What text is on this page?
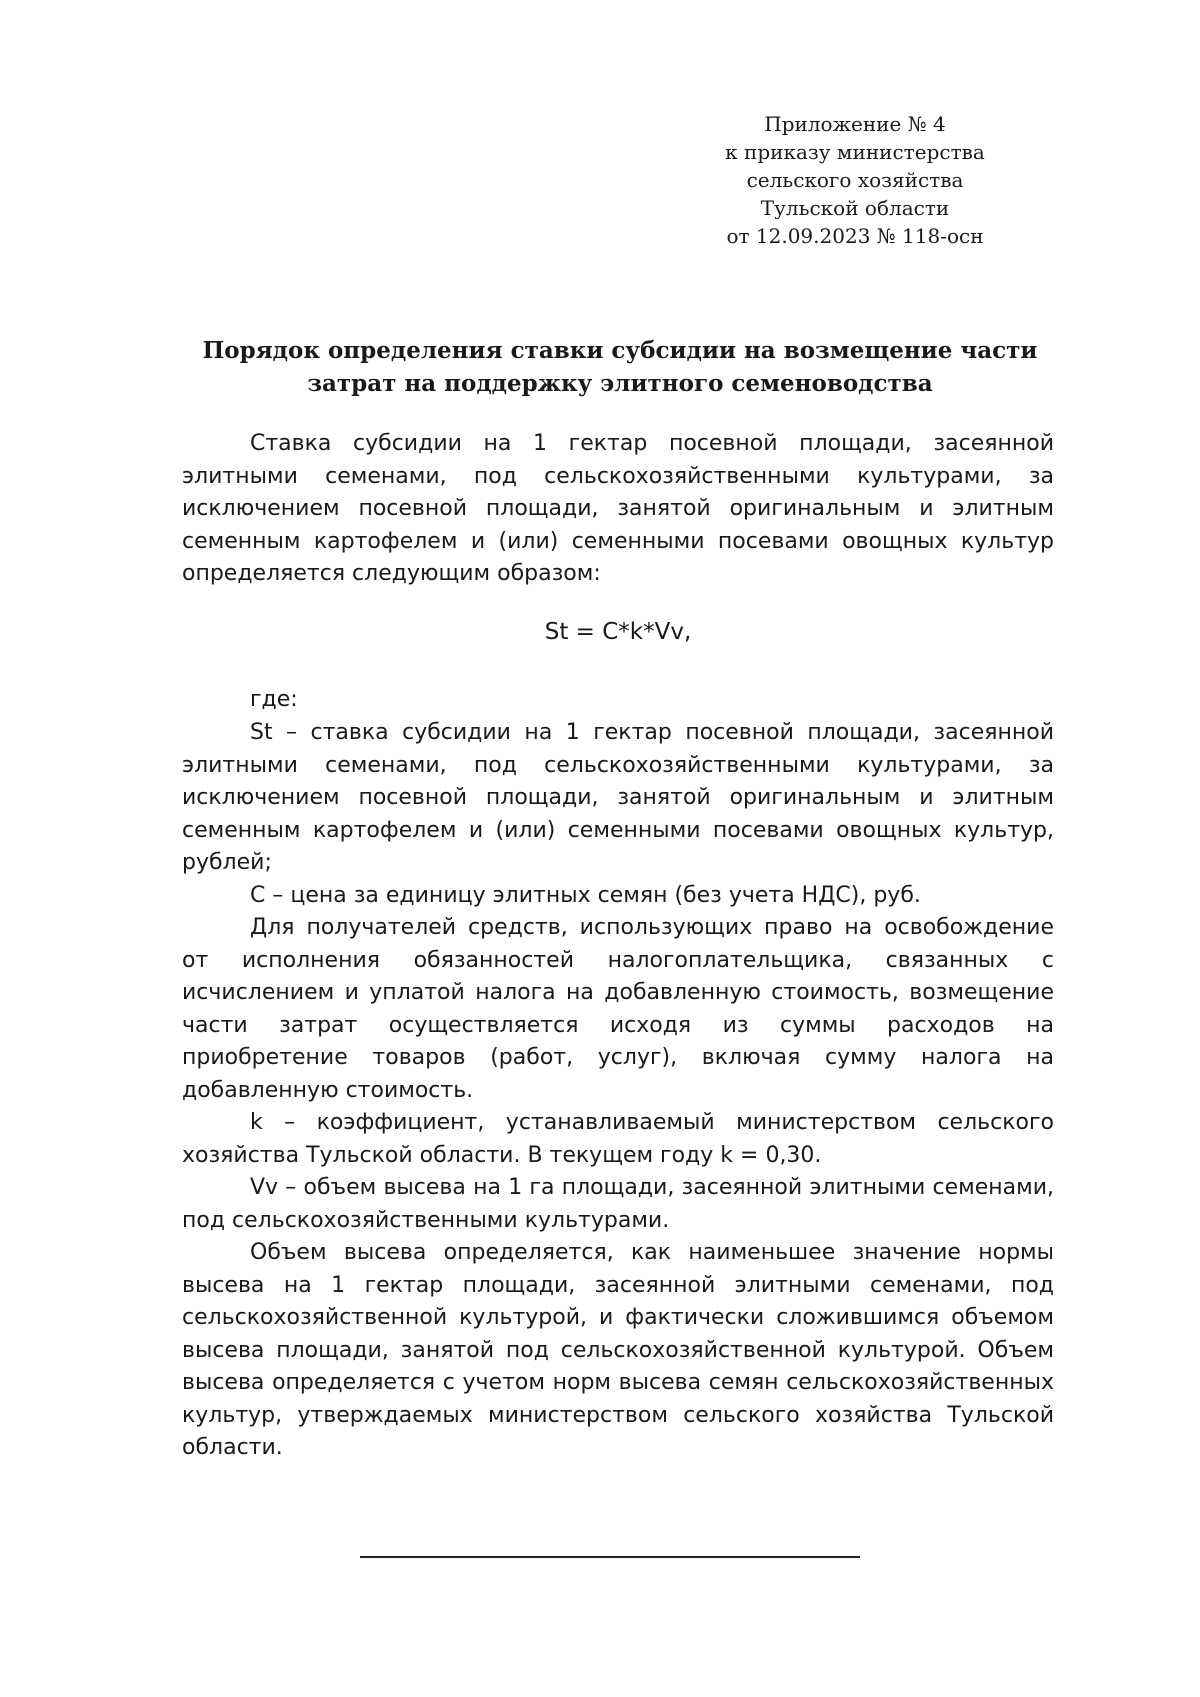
Приложение № 4
к приказу министерства
сельского хозяйства
Тульской области
от 12.09.2023 № 118-осн
Порядок определения ставки субсидии на возмещение части
затрат на поддержку элитного семеноводства

Ставка субсидии на 1 гектар посевной площади, засеянной элитными семенами, под сельскохозяйственными культурами, за исключением посевной площади, занятой оригинальным и элитным семенным картофелем и (или) семенными посевами овощных культур определяется следующим образом:

St = C*k*Vv,

где:

St – ставка субсидии на 1 гектар посевной площади, засеянной элитными семенами, под сельскохозяйственными культурами, за исключением посевной площади, занятой оригинальным и элитным семенным картофелем и (или) семенными посевами овощных культур, рублей;

С – цена за единицу элитных семян (без учета НДС), руб.

Для получателей средств, использующих право на освобождение от исполнения обязанностей налогоплательщика, связанных с исчислением и уплатой налога на добавленную стоимость, возмещение части затрат осуществляется исходя из суммы расходов на приобретение товаров (работ, услуг), включая сумму налога на добавленную стоимость.

k – коэффициент, устанавливаемый министерством сельского хозяйства Тульской области. В текущем году k = 0,30.

Vv – объем высева на 1 га площади, засеянной элитными семенами, под сельскохозяйственными культурами.

Объем высева определяется, как наименьшее значение нормы высева на 1 гектар площади, засеянной элитными семенами, под сельскохозяйственной культурой, и фактически сложившимся объемом высева площади, занятой под сельскохозяйственной культурой. Объем высева определяется с учетом норм высева семян сельскохозяйственных культур, утверждаемых министерством сельского хозяйства Тульской области.
